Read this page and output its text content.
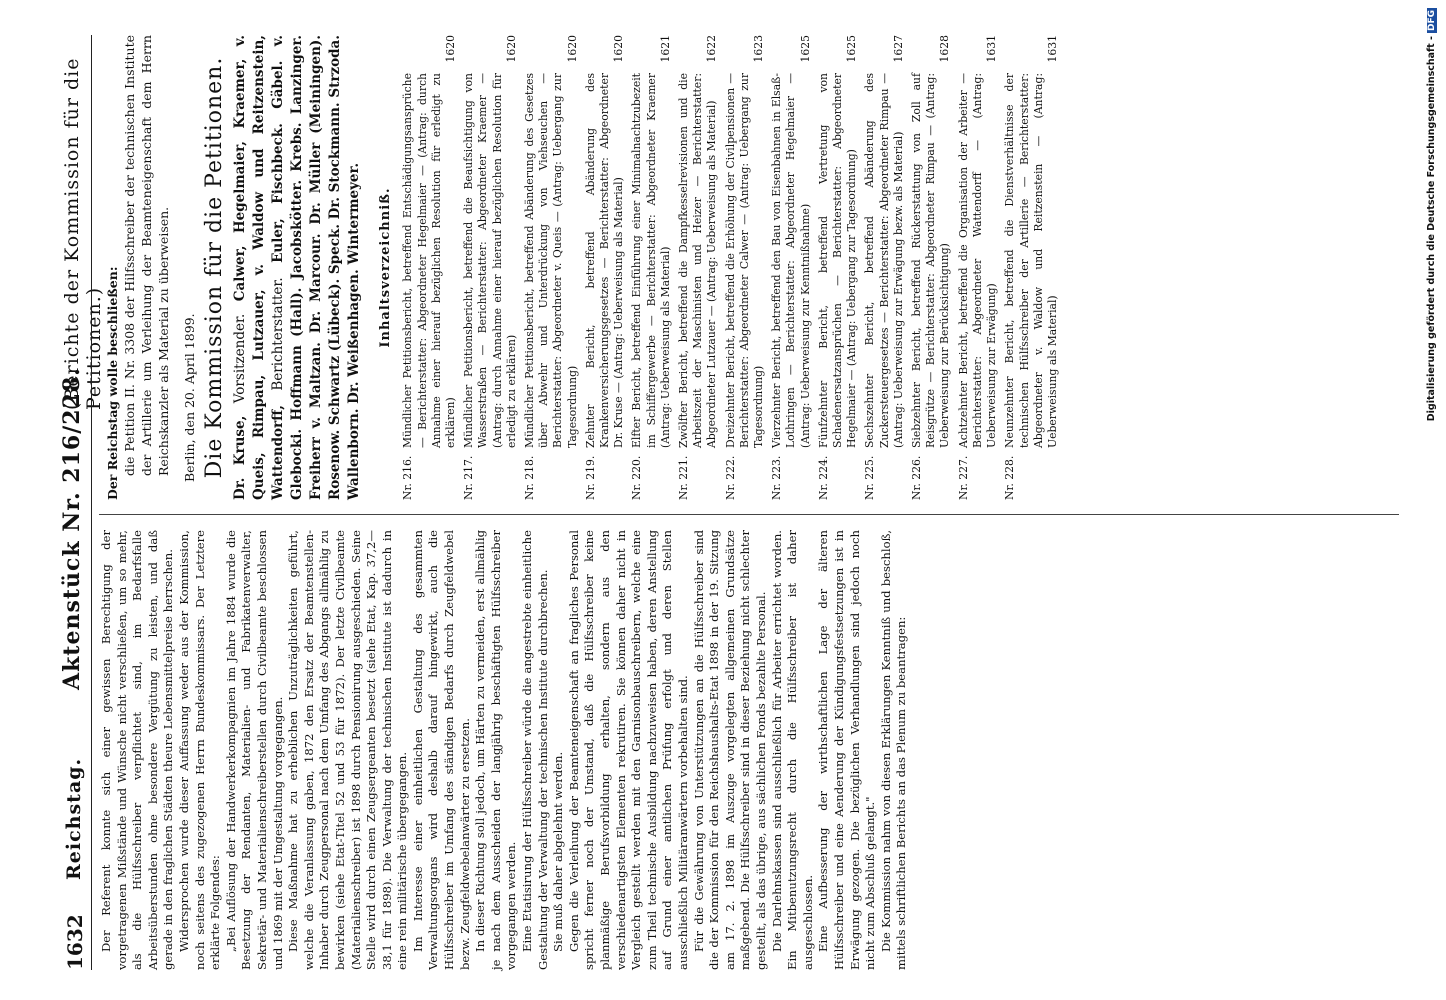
1632
Reichstag.
Aktenstück Nr. 216/228.
(Berichte der Kommission für die Petitionen.)

Der Referent konnte sich einer gewissen Berechtigung der vorgetragenen Mißstände und Wünsche nicht verschließen, um so mehr, als die Hülfsschreiber verpflichtet sind, im Bedarfsfalle Arbeitsüberstunden ohne besondere Vergütung zu leisten, und daß gerade in den fraglichen Städten theure Lebensmittelpreise herrschen. Widersprochen wurde dieser Auffassung weder aus der Kommission, noch seitens des zugezogenen Herrn Bundeskommissars. Der Letztere erklärte Folgendes: „Bei Auflösung der Handwerkerkompagnien im Jahre 1884 wurde die Besetzung der Rendanten, Materialien- und Fabrikatenverwalter, Sekretär- und Materialienschreiberstellen durch Civilbeamte beschlossen und 1869 mit der Umgestaltung vorgegangen. Diese Maßnahme hat zu erheblichen Unzuträglichkeiten geführt, welche die Veranlassung gaben, 1872 den Ersatz der Beamtenstellen-Inhaber durch Zeugpersonal nach dem Umfang des Abgangs allmählig zu bewirken (siehe Etat-Titel 52 und 53 für 1872). Der letzte Civilbeamte (Materialienschreiber) ist 1898 durch Pensionirung ausgeschieden. Seine Stelle wird durch einen Zeugsergeanten besetzt (siehe Etat, Kap. 37,2—38,1 für 1898). Die Verwaltung der technischen Institute ist dadurch in eine rein militärische übergegangen. Im Interesse einer einheitlichen Gestaltung des gesammten Verwaltungsorgans wird deshalb darauf hingewirkt, auch die Hülfsschreiber im Umfang des ständigen Bedarfs durch Zeugfeldwebel bezw. Zeugfeldwebelanwärter zu ersetzen. In dieser Richtung soll jedoch, um Härten zu vermeiden, erst allmählig je nach dem Ausscheiden der langjährig beschäftigten Hülfsschreiber vorgegangen werden. Eine Etatisirung der Hülfsschreiber würde die angestrebte einheitliche Gestaltung der Verwaltung der technischen Institute durchbrechen. Sie muß daher abgelehnt werden. Gegen die Verleihung der Beamteneigenschaft an fragliches Personal spricht ferner noch der Umstand, daß die Hülfsschreiber keine planmäßige Berufsvorbildung erhalten, sondern aus den verschiedenartigsten Elementen rekrutiren. Sie können daher nicht in Vergleich gestellt werden mit den Garnisonbauschreibern, welche eine zum Theil technische Ausbildung nachzuweisen haben, deren Anstellung auf Grund einer amtlichen Prüfung erfolgt und deren Stellen ausschließlich Militäranwärtern vorbehalten sind. Für die Gewährung von Unterstützungen an die Hülfsschreiber sind die der Kommission für den Reichshaushalts-Etat 1898 in der 19. Sitzung am 17. 2. 1898 im Auszuge vorgelegten allgemeinen Grundsätze maßgebend. Die Hülfsschreiber sind in dieser Beziehung nicht schlechter gestellt, als das übrige, aus sächlichen Fonds bezahlte Personal. Die Darlehnskassen sind ausschließlich für Arbeiter errichtet worden. Ein Mitbenutzungsrecht durch die Hülfsschreiber ist daher ausgeschlossen. Eine Aufbesserung der wirthschaftlichen Lage der älteren Hülfsschreiber und eine Aenderung der Kündigungsfestsetzungen ist in Erwägung gezogen. Die bezüglichen Verhandlungen sind jedoch noch nicht zum Abschluß gelangt." Die Kommission nahm von diesen Erklärungen Kenntniß und beschloß, mittels schriftlichen Berichts an das Plenum zu beantragen:

Der Reichstag wolle beschließen: die Petition II. Nr. 3308 der Hilfsschreiber der technischen Institute der Artillerie um Verleihung der Beamteneigenschaft dem Herrn Reichskanzler als Material zu überweisen. Berlin, den 20. April 1899. Die Kommission für die Petitionen. Dr. Kruse, Vorsitzender. Calwer, Hegelmaier, Kraemer, v. Queis, Rimpau, Lutzauer, v. Waldow und Reitzenstein, Wattendorff, Berichterstatter. Euler, Fischbeck. Gäbel. v. Glebocki. Hoffmann (Hall). Jacobskötter. Krebs. Lanzinger. Freiherr v. Maltzan. Dr. Marcour. Dr. Müller (Meiningen). Rosenow. Schwartz (Lübeck). Speck. Dr. Stockmann. Strzoda. Wallenborn. Dr. Weißenhagen. Wintermeyer. Inhaltsverzeichniß.
Nr. 216.
Mündlicher Petitionsbericht, betreffend Entschädigungsansprüche — Berichterstatter: Abgeordneter Hegelmaier — (Antrag: durch Annahme einer hierauf bezüglichen Resolution für erledigt zu erklären)
1620
Nr. 217.
Mündlicher Petitionsbericht, betreffend die Beaufsichtigung von Wasserstraßen — Berichterstatter: Abgeordneter Kraemer — (Antrag: durch Annahme einer hierauf bezüglichen Resolution für erledigt zu erklären)
1620
Nr. 218.
Mündlicher Petitionsbericht, betreffend Abänderung des Gesetzes über Abwehr und Unterdrückung von Viehseuchen — Berichterstatter: Abgeordneter v. Queis — (Antrag: Uebergang zur Tagesordnung)
1620
Nr. 219.
Zehnter Bericht, betreffend Abänderung des Krankenversicherungsgesetzes — Berichterstatter: Abgeordneter Dr. Kruse — (Antrag: Ueberweisung als Material)
1620
Nr. 220.
Elfter Bericht, betreffend Einführung einer Minimalnachtzubezeit im Schiffergewerbe — Berichterstatter: Abgeordneter Kraemer (Antrag: Ueberweisung als Material)
1621
Nr. 221.
Zwölfter Bericht, betreffend die Dampfkesselrevisionen und die Arbeitszeit der Maschinisten und Heizer — Berichterstatter: Abgeordneter Lutzauer — (Antrag: Ueberweisung als Material)
1622
Nr. 222.
Dreizehnter Bericht, betreffend die Erhöhung der Civilpensionen — Berichterstatter: Abgeordneter Calwer — (Antrag: Uebergang zur Tagesordnung)
1623
Nr. 223.
Vierzehnter Bericht, betreffend den Bau von Eisenbahnen in Elsaß-Lothringen — Berichterstatter: Abgeordneter Hegelmaier — (Antrag: Ueberweisung zur Kenntnißnahme)
1625
Nr. 224.
Fünfzehnter Bericht, betreffend Vertretung von Schadenersatzansprüchen — Berichterstatter: Abgeordneter Hegelmaier — (Antrag: Uebergang zur Tagesordnung)
1625
Nr. 225.
Sechszehnter Bericht, betreffend Abänderung des Zuckersteuergesetzes — Berichterstatter: Abgeordneter Rimpau — (Antrag: Ueberweisung zur Erwägung bezw. als Material)
1627
Nr. 226.
Siebzehnter Bericht, betreffend Rückerstattung von Zoll auf Reisgrütze — Berichterstatter: Abgeordneter Rimpau — (Antrag: Ueberweisung zur Berücksichtigung)
1628
Nr. 227.
Achtzehnter Bericht, betreffend die Organisation der Arbeiter — Berichterstatter: Abgeordneter Wattendorff — (Antrag: Ueberweisung zur Erwägung)
1631
Nr. 228.
Neunzehnter Bericht, betreffend die Dienstverhältnisse der technischen Hülfsschreiber der Artillerie — Berichterstatter: Abgeordneter v. Waldow und Reitzenstein — (Antrag: Ueberweisung als Material)
1631	Digitalisierung gefördert durch die Deutsche Forschungsgemeinschaft -DFG
